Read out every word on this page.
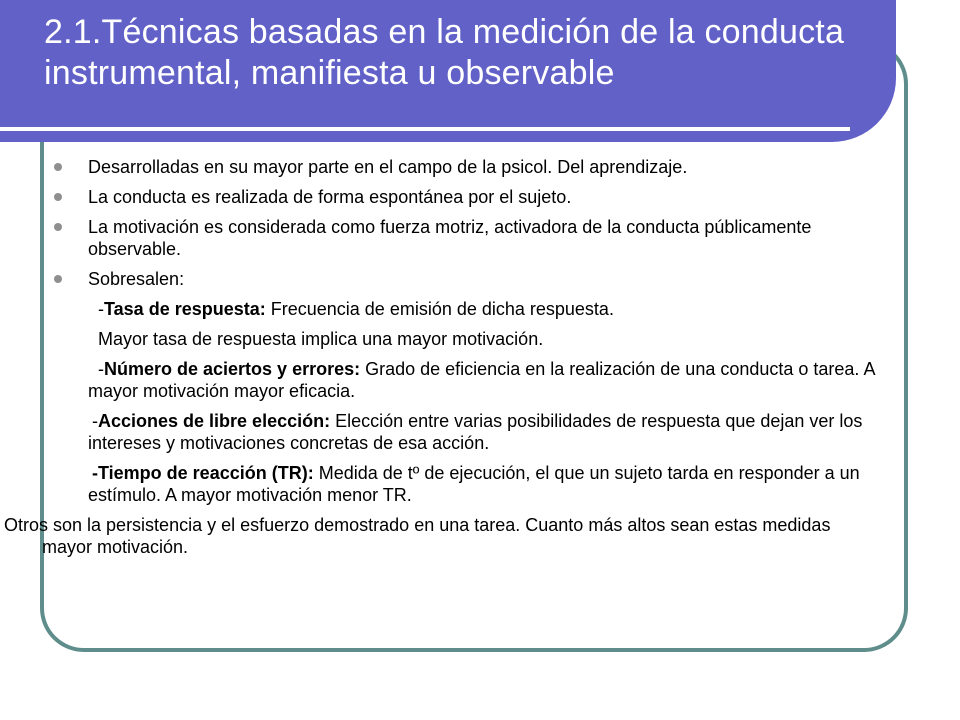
2.1.Técnicas basadas en la medición de la conducta instrumental, manifiesta u observable
Desarrolladas en su mayor parte en el campo de la psicol. Del aprendizaje.
La conducta es realizada de forma espontánea por el sujeto.
La motivación es considerada como fuerza motriz, activadora de la conducta públicamente observable.
Sobresalen:
-Tasa de respuesta: Frecuencia de emisión de dicha respuesta.
Mayor tasa de respuesta implica una mayor motivación.
-Número de aciertos y errores: Grado de eficiencia en la realización de una conducta o tarea. A mayor motivación mayor eficacia.
-Acciones de libre elección: Elección entre varias posibilidades de respuesta que dejan ver los intereses y motivaciones concretas de esa acción.
-Tiempo de reacción (TR): Medida de tº de ejecución, el que un sujeto tarda en responder a un estímulo. A mayor motivación menor TR.
Otros son la persistencia y el esfuerzo demostrado en una tarea. Cuanto más altos sean estas medidas mayor motivación.
